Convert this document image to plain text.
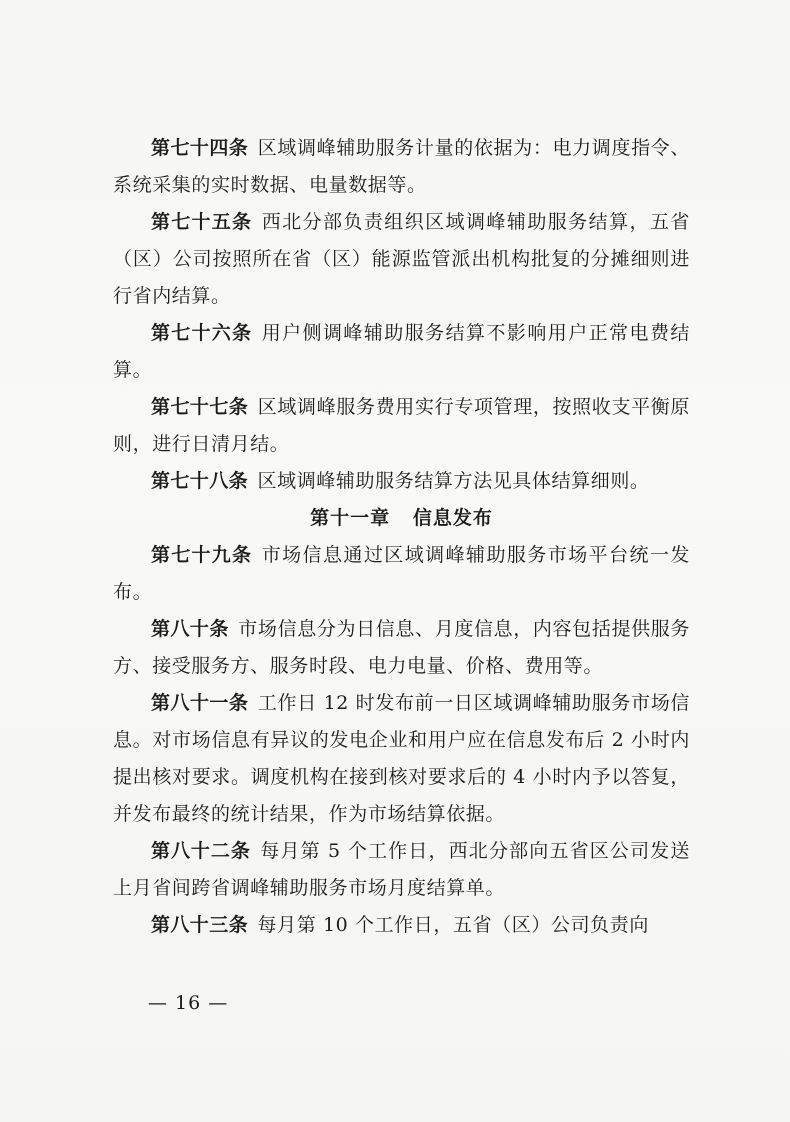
第七十四条 区域调峰辅助服务计量的依据为：电力调度指令、系统采集的实时数据、电量数据等。

第七十五条 西北分部负责组织区域调峰辅助服务结算，五省（区）公司按照所在省（区）能源监管派出机构批复的分摊细则进行省内结算。

第七十六条 用户侧调峰辅助服务结算不影响用户正常电费结算。

第七十七条 区域调峰服务费用实行专项管理，按照收支平衡原则，进行日清月结。

第七十八条 区域调峰辅助服务结算方法见具体结算细则。

第十一章 信息发布

第七十九条 市场信息通过区域调峰辅助服务市场平台统一发布。

第八十条 市场信息分为日信息、月度信息，内容包括提供服务方、接受服务方、服务时段、电力电量、价格、费用等。

第八十一条 工作日 12 时发布前一日区域调峰辅助服务市场信息。对市场信息有异议的发电企业和用户应在信息发布后 2 小时内提出核对要求。调度机构在接到核对要求后的 4 小时内予以答复，并发布最终的统计结果，作为市场结算依据。

第八十二条 每月第 5 个工作日，西北分部向五省区公司发送上月省间跨省调峰辅助服务市场月度结算单。

第八十三条 每月第 10 个工作日，五省（区）公司负责向

— 16 —
